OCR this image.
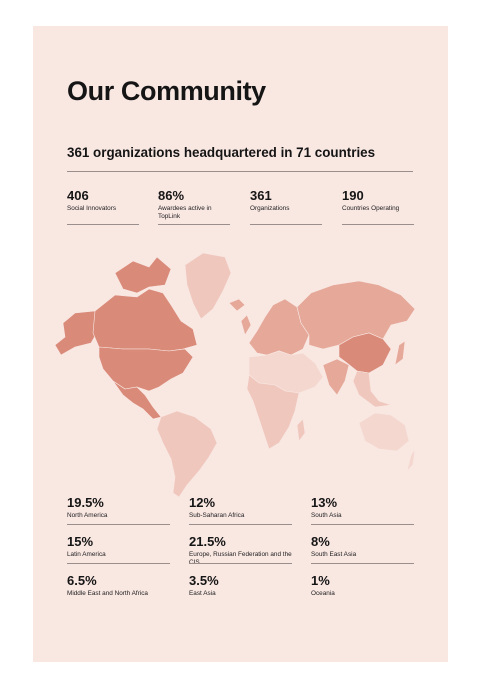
Our Community
361 organizations headquartered in 71 countries
406
Social Innovators
86%
Awardees active in TopLink
361
Organizations
190
Countries Operating
19.5%
North America
12%
Sub-Saharan Africa
13%
South Asia
15%
Latin America
21.5%
Europe, Russian Federation and the CIS
8%
South East Asia
6.5%
Middle East and North Africa
3.5%
East Asia
1%
Oceania
